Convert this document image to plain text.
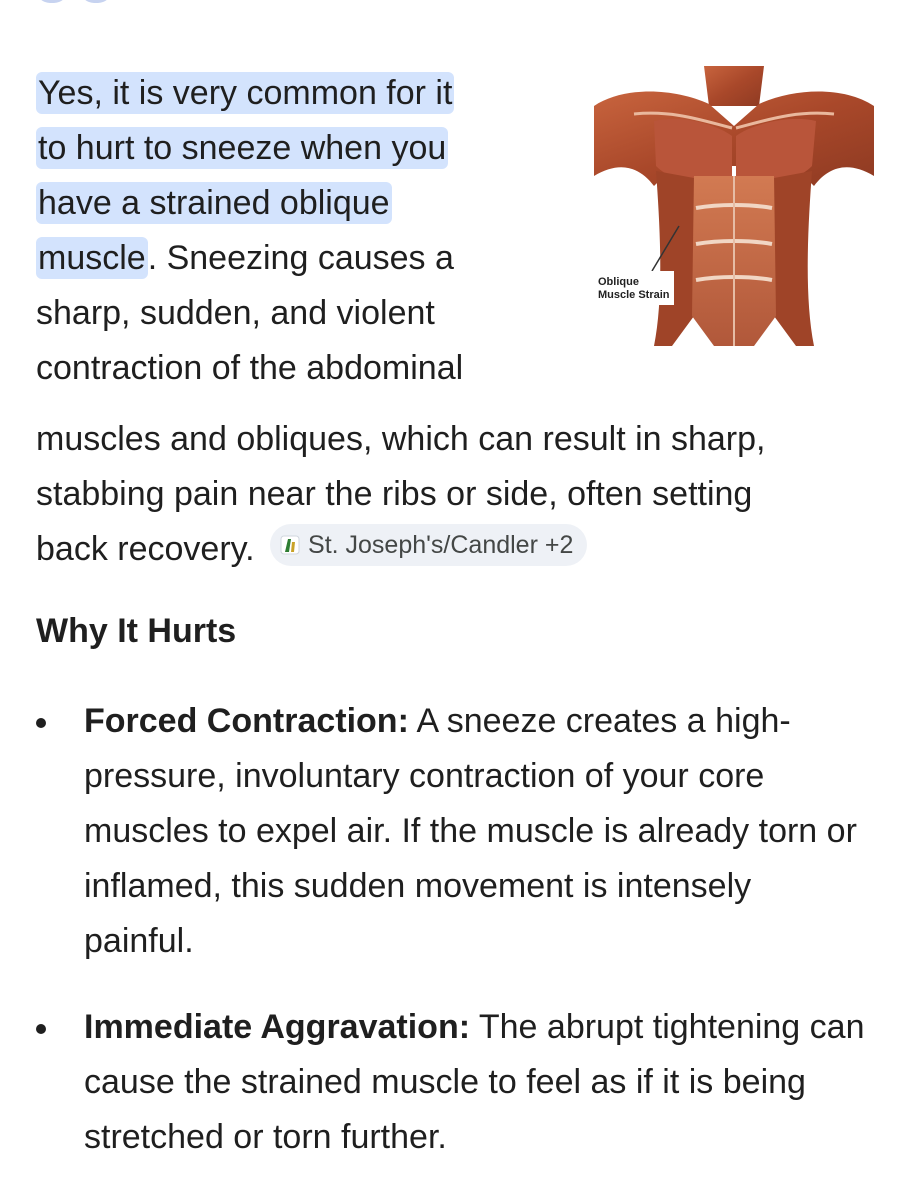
Yes, it is very common for it
to hurt to sneeze when you
have a strained oblique
muscle. Sneezing causes a
sharp, sudden, and violent
contraction of the abdominal
muscles and obliques, which can result in sharp,
stabbing pain near the ribs or side, often setting
back recovery. St. Joseph's/Candler +2
Oblique
Muscle Strain
Why It Hurts
Forced Contraction: A sneeze creates a high-pressure, involuntary contraction of your core muscles to expel air. If the muscle is already torn or inflamed, this sudden movement is intensely painful.
Immediate Aggravation: The abrupt tightening can cause the strained muscle to feel as if it is being stretched or torn further.
